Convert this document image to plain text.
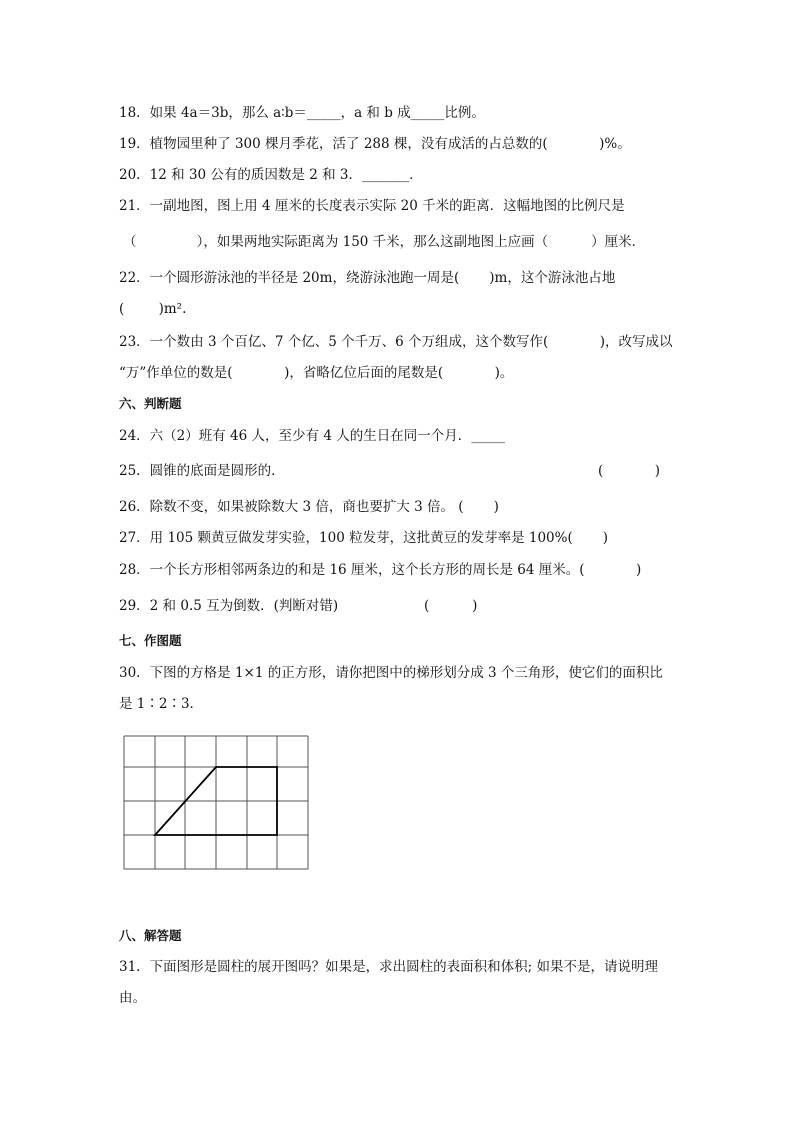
18．如果 4a＝3b，那么 a∶b＝_____，a 和 b 成_____比例。
19．植物园里种了 300 棵月季花，活了 288 棵，没有成活的占总数的(            )%。
20．12 和 30 公有的质因数是 2 和 3．_______．
21．一副地图，图上用 4 厘米的长度表示实际 20 千米的距离．这幅地图的比例尺是
（              ），如果两地实际距离为 150 千米，那么这副地图上应画（          ）厘米．
22．一个圆形游泳池的半径是 20m，绕游泳池跑一周是(       )m，这个游泳池占地
(        )m².
23．一个数由 3 个百亿、7 个亿、5 个千万、6 个万组成，这个数写作(            )，改写成以
“万”作单位的数是(            )，省略亿位后面的尾数是(            )。
六、判断题
24．六（2）班有 46 人，至少有 4 人的生日在同一个月．_____
25．圆锥的底面是圆形的．	(            )
26．除数不变，如果被除数大 3 倍，商也要扩大 3 倍。 (       )
27．用 105 颗黄豆做发芽实验，100 粒发芽，这批黄豆的发芽率是 100%(       )
28．一个长方形相邻两条边的和是 16 厘米，这个长方形的周长是 64 厘米。(            )
29．2 和 0.5 互为倒数．(判断对错)	(          )
七、作图题
30．下图的方格是 1×1 的正方形，请你把图中的梯形划分成 3 个三角形，使它们的面积比
是 1∶2∶3．
八、解答题
31．下面图形是圆柱的展开图吗？如果是，求出圆柱的表面积和体积; 如果不是，请说明理
由。
